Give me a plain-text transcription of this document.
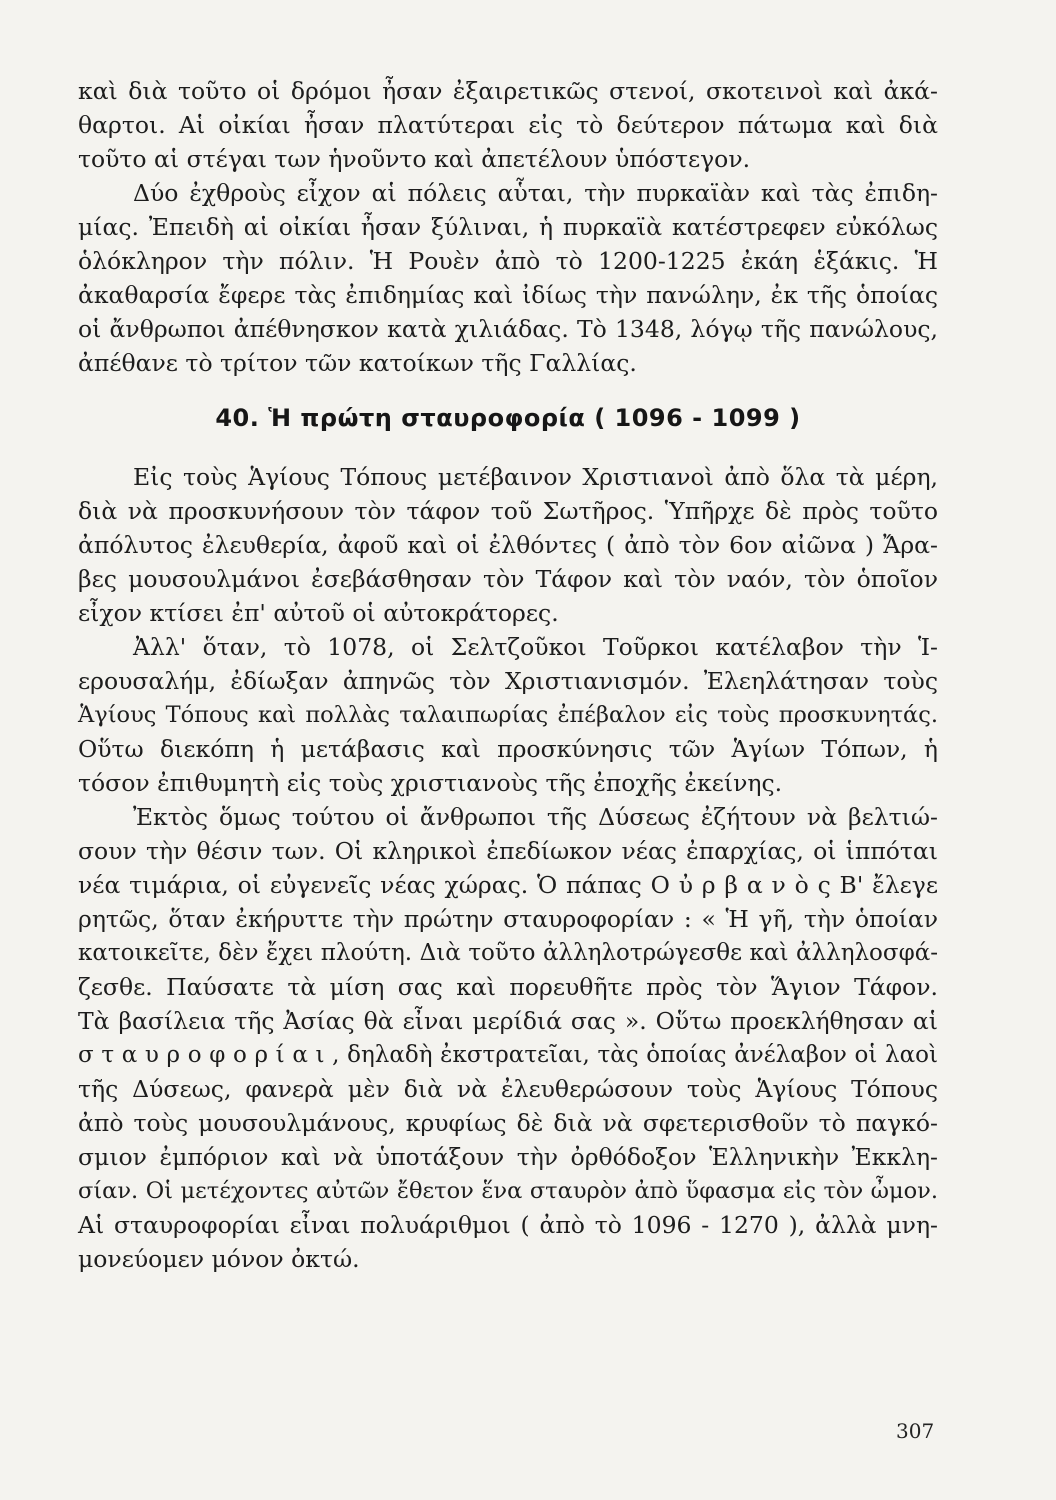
καὶ διὰ τοῦτο οἱ δρόμοι ἦσαν ἐξαιρετικῶς στενοί, σκοτεινοὶ καὶ ἀκά-
θαρτοι. Αἱ οἰκίαι ἦσαν πλατύτεραι εἰς τὸ δεύτερον πάτωμα καὶ διὰ
τοῦτο αἱ στέγαι των ἡνοῦντο καὶ ἀπετέλουν ὑπόστεγον.
Δύο ἐχθροὺς εἶχον αἱ πόλεις αὗται, τὴν πυρκαϊὰν καὶ τὰς ἐπιδη-
μίας. Ἐπειδὴ αἱ οἰκίαι ἦσαν ξύλιναι, ἡ πυρκαϊὰ κατέστρεφεν εὐκόλως
ὁλόκληρον τὴν πόλιν. Ἡ Ρουὲν ἀπὸ τὸ 1200-1225 ἐκάη ἑξάκις. Ἡ
ἀκαθαρσία ἔφερε τὰς ἐπιδημίας καὶ ἰδίως τὴν πανώλην, ἐκ τῆς ὁποίας
οἱ ἄνθρωποι ἀπέθνησκον κατὰ χιλιάδας. Τὸ 1348, λόγῳ τῆς πανώλους,
ἀπέθανε τὸ τρίτον τῶν κατοίκων τῆς Γαλλίας.
40. Ἡ πρώτη σταυροφορία ( 1096 - 1099 )
Εἰς τοὺς Ἁγίους Τόπους μετέβαινον Χριστιανοὶ ἀπὸ ὅλα τὰ μέρη,
διὰ νὰ προσκυνήσουν τὸν τάφον τοῦ Σωτῆρος. Ὑπῆρχε δὲ πρὸς τοῦτο
ἀπόλυτος ἐλευθερία, ἀφοῦ καὶ οἱ ἐλθόντες ( ἀπὸ τὸν 6ον αἰῶνα ) Ἄρα-
βες μουσουλμάνοι ἐσεβάσθησαν τὸν Τάφον καὶ τὸν ναόν, τὸν ὁποῖον
εἶχον κτίσει ἐπ' αὐτοῦ οἱ αὐτοκράτορες.
Ἀλλ' ὅταν, τὸ 1078, οἱ Σελτζοῦκοι Τοῦρκοι κατέλαβον τὴν Ἱ-
ερουσαλήμ, ἐδίωξαν ἀπηνῶς τὸν Χριστιανισμόν. Ἐλεηλάτησαν τοὺς
Ἁγίους Τόπους καὶ πολλὰς ταλαιπωρίας ἐπέβαλον εἰς τοὺς προσκυνητάς.
Οὕτω διεκόπη ἡ μετάβασις καὶ προσκύνησις τῶν Ἁγίων Τόπων, ἡ
τόσον ἐπιθυμητὴ εἰς τοὺς χριστιανοὺς τῆς ἐποχῆς ἐκείνης.
Ἐκτὸς ὅμως τούτου οἱ ἄνθρωποι τῆς Δύσεως ἐζήτουν νὰ βελτιώ-
σουν τὴν θέσιν των. Οἱ κληρικοὶ ἐπεδίωκον νέας ἐπαρχίας, οἱ ἱππόται
νέα τιμάρια, οἱ εὐγενεῖς νέας χώρας. Ὁ πάπας Ο ὐ ρ β α ν ὸ ς Β' ἔλεγε
ρητῶς, ὅταν ἐκήρυττε τὴν πρώτην σταυροφορίαν : « Ἡ γῆ, τὴν ὁποίαν
κατοικεῖτε, δὲν ἔχει πλούτη. Διὰ τοῦτο ἀλληλοτρώγεσθε καὶ ἀλληλοσφά-
ζεσθε. Παύσατε τὰ μίση σας καὶ πορευθῆτε πρὸς τὸν Ἅγιον Τάφον.
Τὰ βασίλεια τῆς Ἀσίας θὰ εἶναι μερίδιά σας ». Οὕτω προεκλήθησαν αἱ
σ τ α υ ρ ο φ ο ρ ί α ι , δηλαδὴ ἐκστρατεῖαι, τὰς ὁποίας ἀνέλαβον οἱ λαοὶ
τῆς Δύσεως, φανερὰ μὲν διὰ νὰ ἐλευθερώσουν τοὺς Ἁγίους Τόπους
ἀπὸ τοὺς μουσουλμάνους, κρυφίως δὲ διὰ νὰ σφετερισθοῦν τὸ παγκό-
σμιον ἐμπόριον καὶ νὰ ὑποτάξουν τὴν ὀρθόδοξον Ἑλληνικὴν Ἐκκλη-
σίαν. Οἱ μετέχοντες αὐτῶν ἔθετον ἕνα σταυρὸν ἀπὸ ὕφασμα εἰς τὸν ὦμον.
Αἱ σταυροφορίαι εἶναι πολυάριθμοι ( ἀπὸ τὸ 1096 - 1270 ), ἀλλὰ μνη-
μονεύομεν μόνον ὀκτώ.
307
